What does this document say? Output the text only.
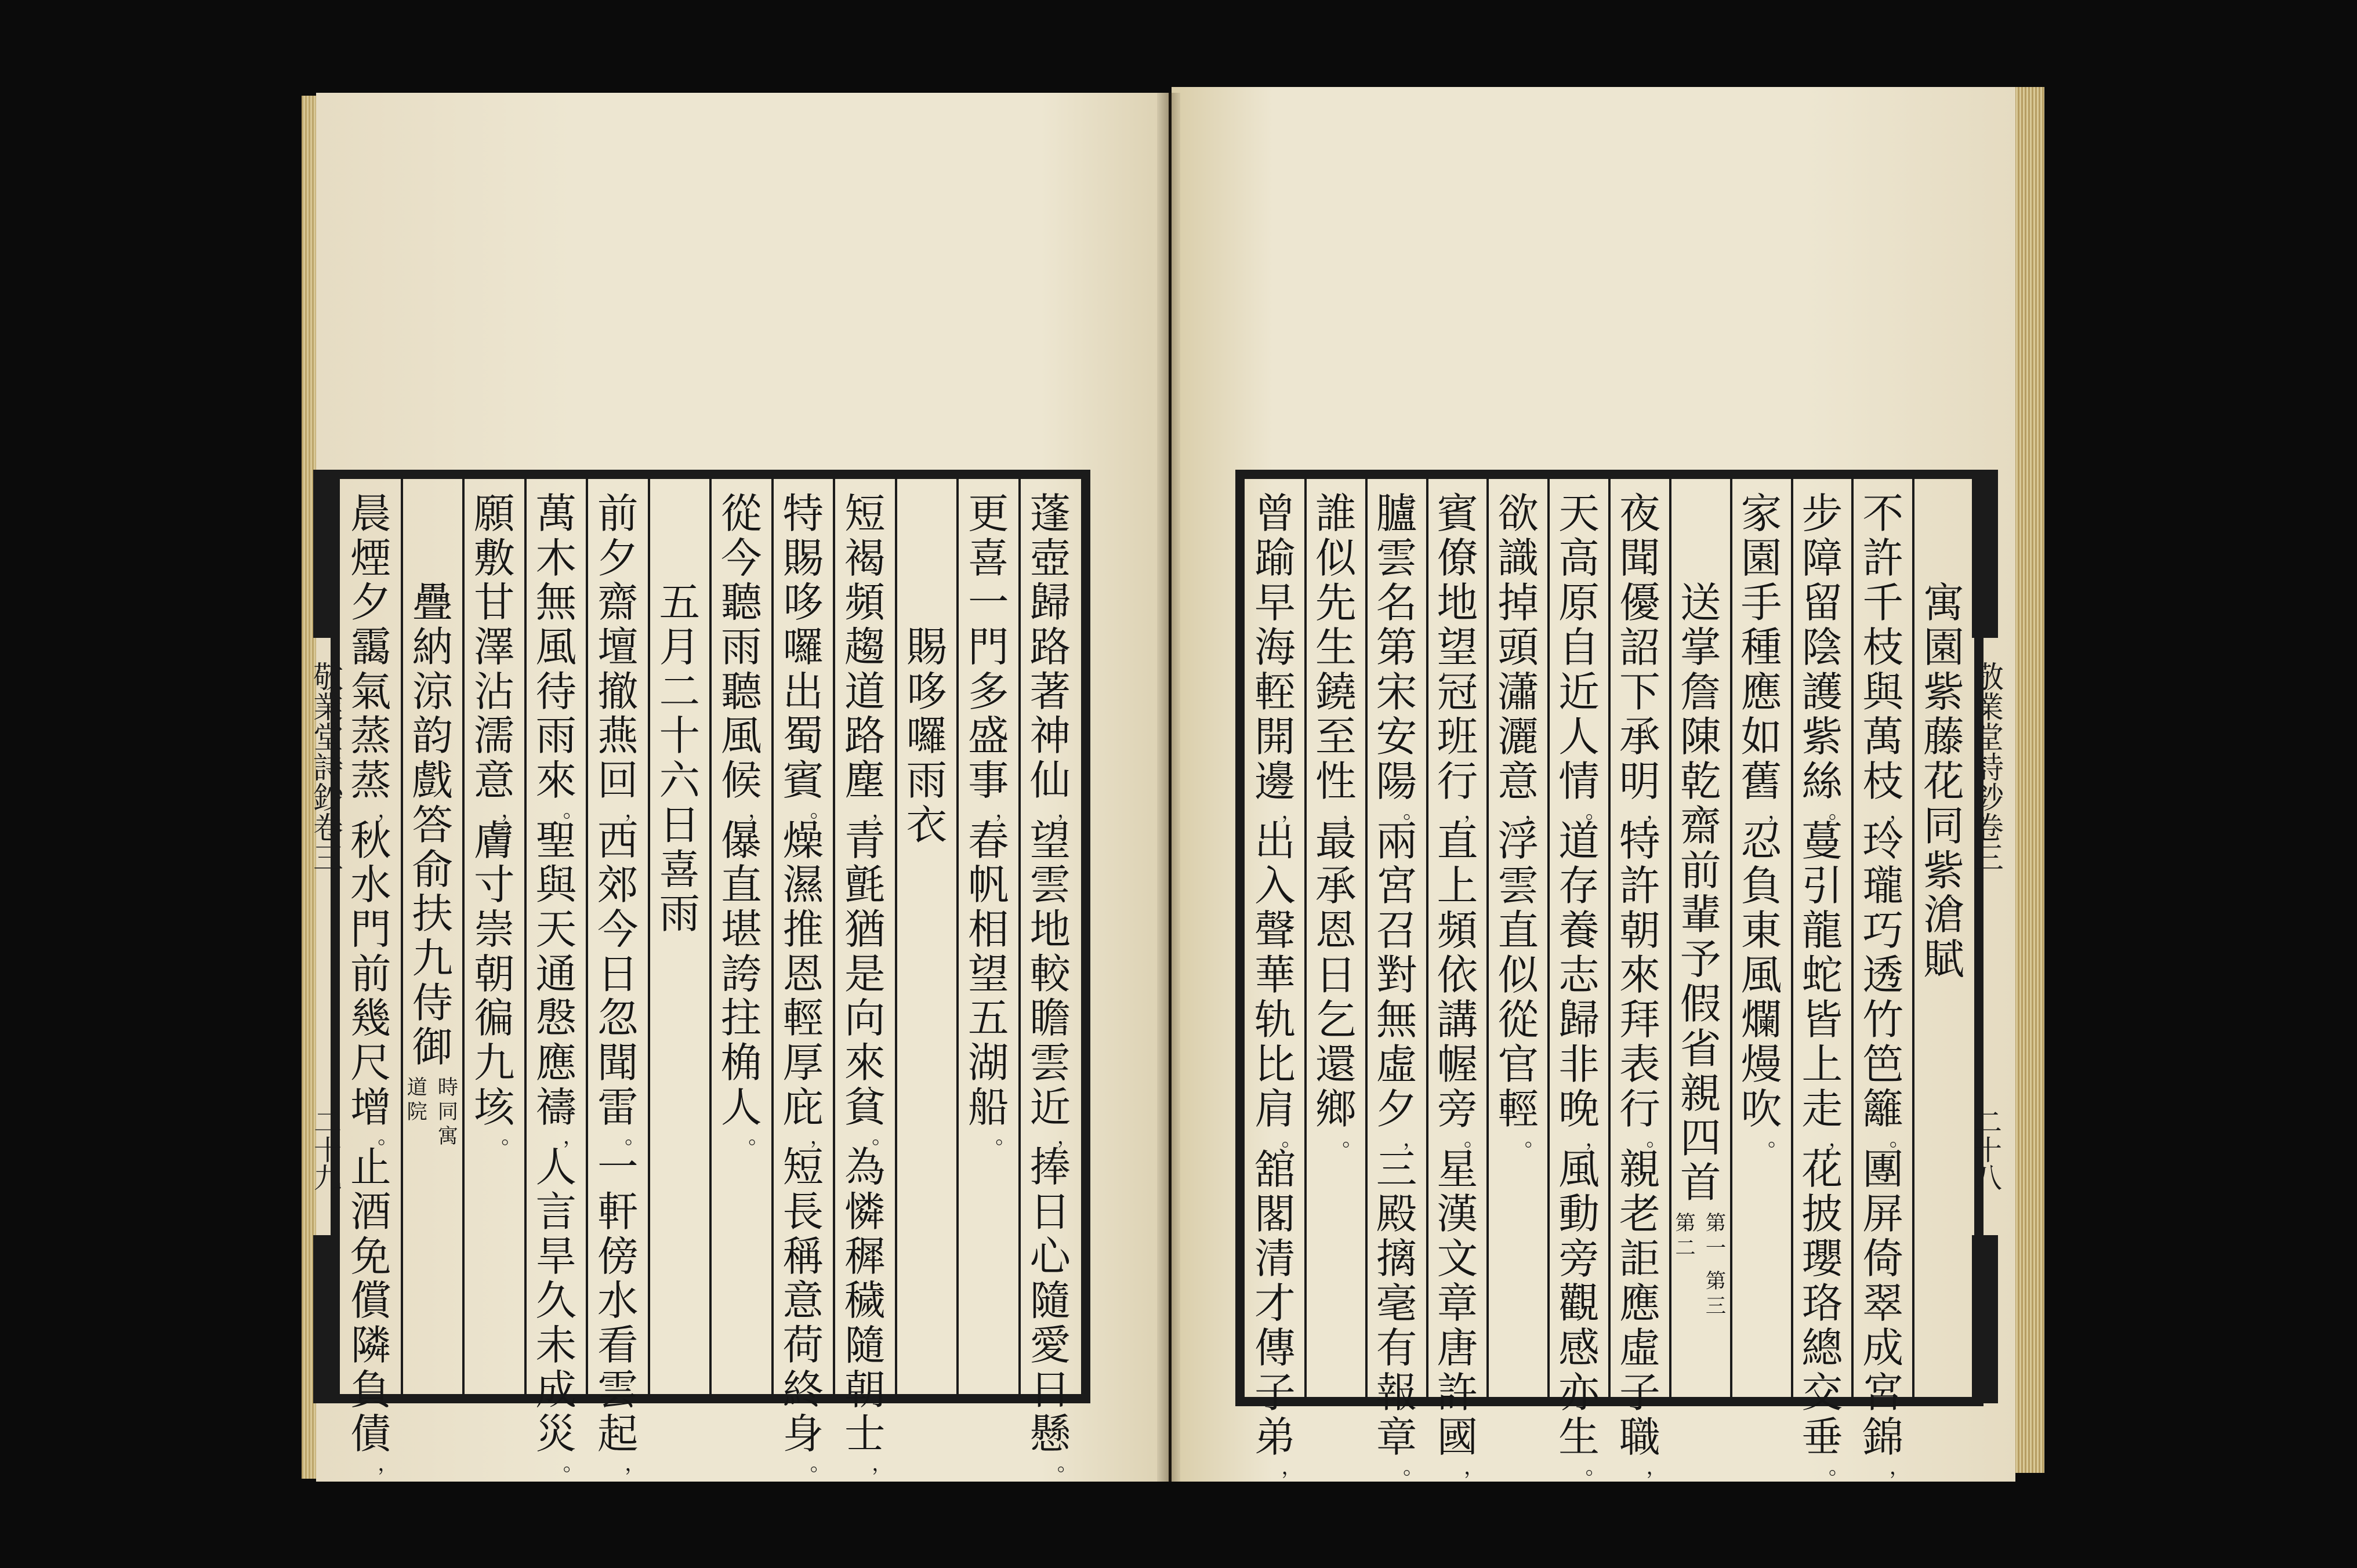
敬業堂詩鈔卷三
二十九
敬業堂詩鈔卷三
二十八
蓬
壺
歸
路
著
神
仙
，
望
雲
地
較
瞻
雲
近
，
捧
日
心
隨
愛
日
懸
。
更
喜
一
門
多
盛
事
，
春
帆
相
望
五
湖
船
。
賜
哆
囉
雨
衣
短
褐
頻
趨
道
路
塵
，
青
氈
猶
是
向
來
貧
。
為
憐
穉
穢
隨
朝
士
，
特
賜
哆
囉
出
蜀
賓
。
燥
濕
推
恩
輕
厚
庇
，
短
長
稱
意
荷
終
身
。
從
今
聽
雨
聽
風
候
，
儤
直
堪
誇
拄
桷
人
。
五
月
二
十
六
日
喜
雨
前
夕
齋
壇
撤
燕
回
，
西
郊
今
日
忽
聞
雷
。
一
軒
傍
水
看
雲
起
，
萬
木
無
風
待
雨
來
。
聖
與
天
通
慇
應
禱
，
人
言
旱
久
未
成
災
。
願
敷
甘
澤
沾
濡
意
，
膚
寸
崇
朝
徧
九
垓
。
疊
納
涼
韵
戲
答
俞
扶
九
侍
御
時
同
寓
道
院
晨
煙
夕
靄
氣
蒸
蒸
，
秋
水
門
前
幾
尺
增
。
止
酒
免
償
隣
負
債
，
寓
園
紫
藤
花
同
紫
滄
賦
不
許
千
枝
與
萬
枝
，
玲
瓏
巧
透
竹
笆
籬
。
團
屏
倚
翠
成
宮
錦
，
步
障
留
陰
護
紫
絲
。
蔓
引
龍
蛇
皆
上
走
，
花
披
瓔
珞
總
交
垂
。
家
園
手
種
應
如
舊
，
忍
負
東
風
爛
熳
吹
。
送
掌
詹
陳
乾
齋
前
輩
予
假
省
親
四
首
第
一
第
二
第
三
夜
聞
優
詔
下
承
明
，
特
許
朝
來
拜
表
行
。
親
老
詎
應
虛
子
職
，
天
高
原
自
近
人
情
。
道
存
養
志
歸
非
晚
，
風
動
旁
觀
感
亦
生
。
欲
識
掉
頭
瀟
灑
意
，
浮
雲
直
似
從
官
輕
。
賓
僚
地
望
冠
班
行
，
直
上
頻
依
講
幄
旁
。
星
漢
文
章
唐
許
國
，
臚
雲
名
第
宋
安
陽
。
兩
宮
召
對
無
虛
夕
，
三
殿
摛
毫
有
報
章
。
誰
似
先
生
鐃
至
性
，
最
承
恩
日
乞
還
鄉
。
曾
踰
早
海
䡖
開
邊
，
出
入
聲
華
轨
比
肩
。
舘
閣
清
才
傳
子
弟
，
